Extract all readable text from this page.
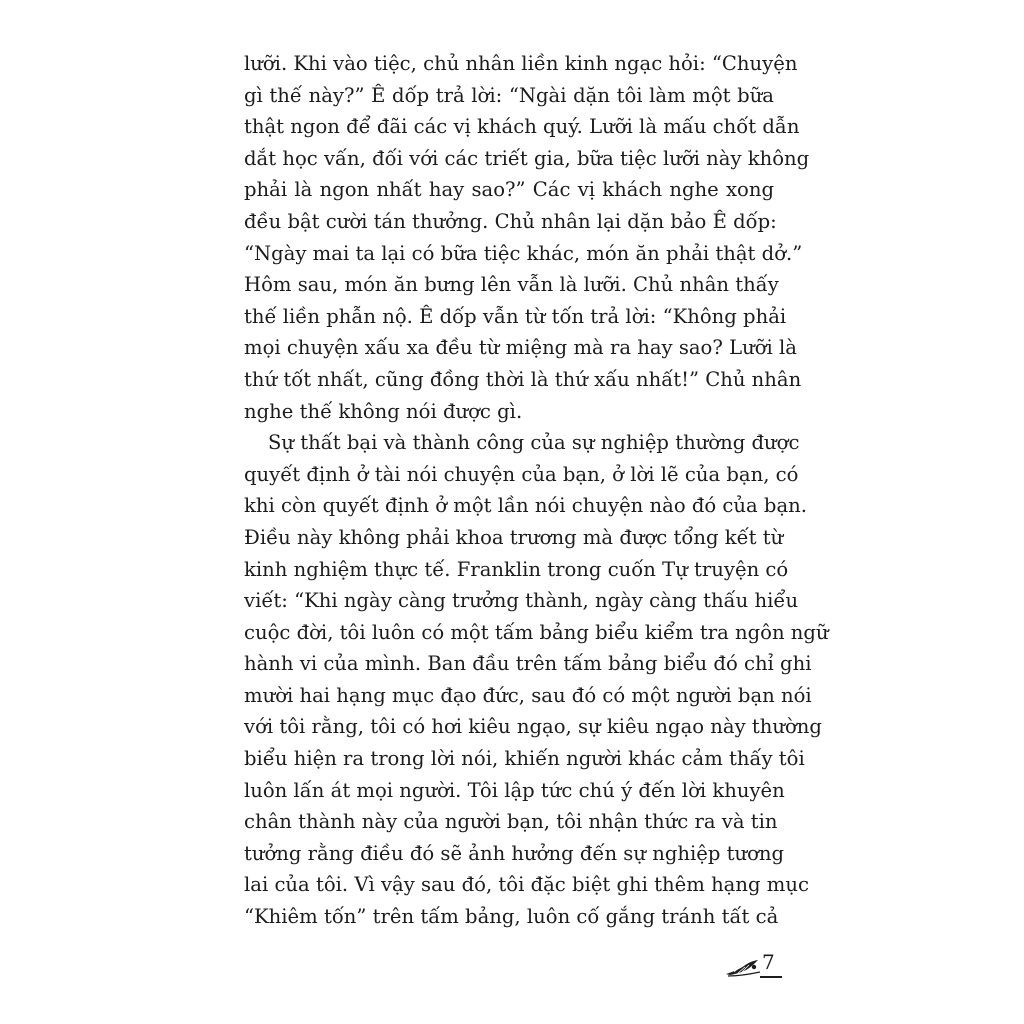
lưỡi. Khi vào tiệc, chủ nhân liền kinh ngạc hỏi: “Chuyện
gì thế này?” Ê dốp trả lời: “Ngài dặn tôi làm một bữa
thật ngon để đãi các vị khách quý. Lưỡi là mấu chốt dẫn
dắt học vấn, đối với các triết gia, bữa tiệc lưỡi này không
phải là ngon nhất hay sao?” Các vị khách nghe xong
đều bật cười tán thưởng. Chủ nhân lại dặn bảo Ê dốp:
“Ngày mai ta lại có bữa tiệc khác, món ăn phải thật dở.”
Hôm sau, món ăn bưng lên vẫn là lưỡi. Chủ nhân thấy
thế liền phẫn nộ. Ê dốp vẫn từ tốn trả lời: “Không phải
mọi chuyện xấu xa đều từ miệng mà ra hay sao? Lưỡi là
thứ tốt nhất, cũng đồng thời là thứ xấu nhất!” Chủ nhân
nghe thế không nói được gì.
Sự thất bại và thành công của sự nghiệp thường được
quyết định ở tài nói chuyện của bạn, ở lời lẽ của bạn, có
khi còn quyết định ở một lần nói chuyện nào đó của bạn.
Điều này không phải khoa trương mà được tổng kết từ
kinh nghiệm thực tế. Franklin trong cuốn Tự truyện có
viết: “Khi ngày càng trưởng thành, ngày càng thấu hiểu
cuộc đời, tôi luôn có một tấm bảng biểu kiểm tra ngôn ngữ
hành vi của mình. Ban đầu trên tấm bảng biểu đó chỉ ghi
mười hai hạng mục đạo đức, sau đó có một người bạn nói
với tôi rằng, tôi có hơi kiêu ngạo, sự kiêu ngạo này thường
biểu hiện ra trong lời nói, khiến người khác cảm thấy tôi
luôn lấn át mọi người. Tôi lập tức chú ý đến lời khuyên
chân thành này của người bạn, tôi nhận thức ra và tin
tưởng rằng điều đó sẽ ảnh hưởng đến sự nghiệp tương
lai của tôi. Vì vậy sau đó, tôi đặc biệt ghi thêm hạng mục
“Khiêm tốn” trên tấm bảng, luôn cố gắng tránh tất cả
7
